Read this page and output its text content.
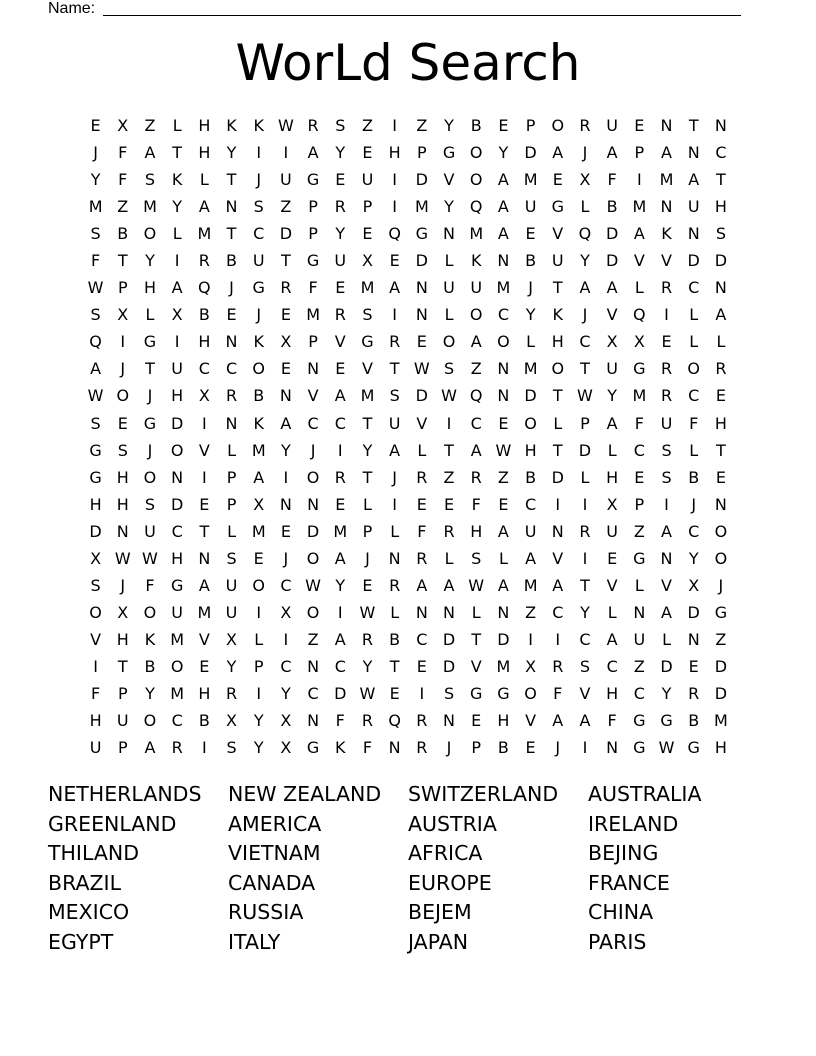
Name:
WorLd Search
E	X	Z	L	H K	K W R	S	Z	I	Z	Y	B	E	P	O R U	E	N	T	N
J	F	A	T	H	Y	I	I	A	Y	E	H	P	G O	Y	D A	J	A	P	A N C
Y	F	S	K	L	T	J	U G E	U	I	D V O A M E	X	F	I	M A	T
M Z M Y	A N	S	Z	P	R	P	I	M Y	Q A U G	L	B M N U H
S	B O	L M T	C D	P	Y	E Q G N M A	E	V Q D A	K N	S
F	T	Y	I	R	B U	T	G U X	E D	L	K N B U	Y	D V	V D D
W P	H A Q	J	G R	F	E M A N U U M	J	T	A	A	L	R	C N
S	X	L	X	B	E	J	E M R	S	I	N	L	O C	Y	K	J	V Q	I	L	A
Q	I	G	I	H N K	X	P	V G R	E O A O	L	H C	X	X	E	L	L
A	J	T	U C	C O E	N	E	V	T W S	Z N M O	T	U G R O R
W O	J	H X	R	B N V	A M S D W Q N D	T W Y M R	C	E
S	E G D	I	N K	A	C	C	T	U V	I	C	E O	L	P	A	F	U	F	H
G S	J	O V	L M Y	J	I	Y	A	L	T	A W H	T	D	L	C	S	L	T
G H O N	I	P	A	I	O R	T	J	R	Z	R	Z	B D	L	H	E	S	B	E
H H	S D E	P	X N N	E	L	I	E	E	F	E	C	I	I	X	P	I	J	N
D N U C	T	L M E D M P	L	F	R H A U N R U Z	A	C O
X W W H N	S	E	J	O A	J	N R	L	S	L	A	V	I	E G N	Y	O
S	J	F	G A U O C W Y	E	R	A	A W A M A	T	V	L	V	X	J
O X O U M U	I	X O	I	W L	N N	L	N Z	C	Y	L	N A D G
V H K M V	X	L	I	Z	A	R	B	C D	T	D	I	I	C	A U	L	N Z
I	T	B O E	Y	P	C N C	Y	T	E D V M X	R	S	C	Z D E D
F	P	Y M H R	I	Y	C D W E	I	S G G O	F	V H C	Y	R D
H U O C	B	X	Y	X N	F	R Q R N	E	H V	A	A	F	G G B M
U	P	A	R	I	S	Y	X G K	F	N R	J	P	B	E	J	I	N G W G H
NETHERLANDS	NEW ZEALAND	SWITZERLAND	AUSTRALIA
GREENLAND	AMERICA	AUSTRIA	IRELAND
THILAND	VIETNAM	AFRICA	BEJING
BRAZIL	CANADA	EUROPE	FRANCE
MEXICO	RUSSIA	BEJEM	CHINA
EGYPT	ITALY	JAPAN	PARIS
